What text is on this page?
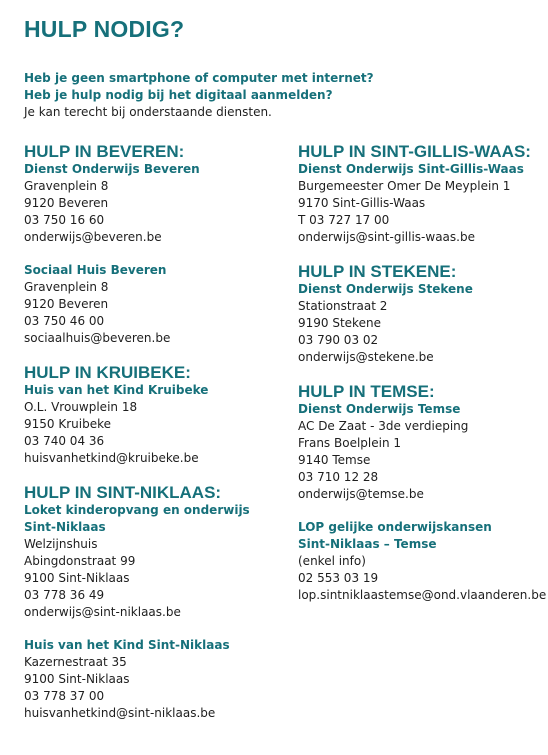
HULP NODIG?
Heb je geen smartphone of computer met internet?
Heb je hulp nodig bij het digitaal aanmelden?
Je kan terecht bij onderstaande diensten.
HULP IN BEVEREN:
Dienst Onderwijs Beveren
Gravenplein 8
9120 Beveren
03 750 16 60
onderwijs@beveren.be
Sociaal Huis Beveren
Gravenplein 8
9120 Beveren
03 750 46 00
sociaalhuis@beveren.be
HULP IN KRUIBEKE:
Huis van het Kind Kruibeke
O.L. Vrouwplein 18
9150 Kruibeke
03 740 04 36
huisvanhetkind@kruibeke.be
HULP IN SINT-NIKLAAS:
Loket kinderopvang en onderwijs
Sint-Niklaas
Welzijnshuis
Abingdonstraat 99
9100 Sint-Niklaas
03 778 36 49
onderwijs@sint-niklaas.be
Huis van het Kind Sint-Niklaas
Kazernestraat 35
9100 Sint-Niklaas
03 778 37 00
huisvanhetkind@sint-niklaas.be
HULP IN SINT-GILLIS-WAAS:
Dienst Onderwijs Sint-Gillis-Waas
Burgemeester Omer De Meyplein 1
9170 Sint-Gillis-Waas
T 03 727 17 00
onderwijs@sint-gillis-waas.be
HULP IN STEKENE:
Dienst Onderwijs Stekene
Stationstraat 2
9190 Stekene
03 790 03 02
onderwijs@stekene.be
HULP IN TEMSE:
Dienst Onderwijs Temse
AC De Zaat - 3de verdieping
Frans Boelplein 1
9140 Temse
03 710 12 28
onderwijs@temse.be
LOP gelijke onderwijskansen
Sint-Niklaas – Temse
(enkel info)
02 553 03 19
lop.sintniklaastemse@ond.vlaanderen.be
